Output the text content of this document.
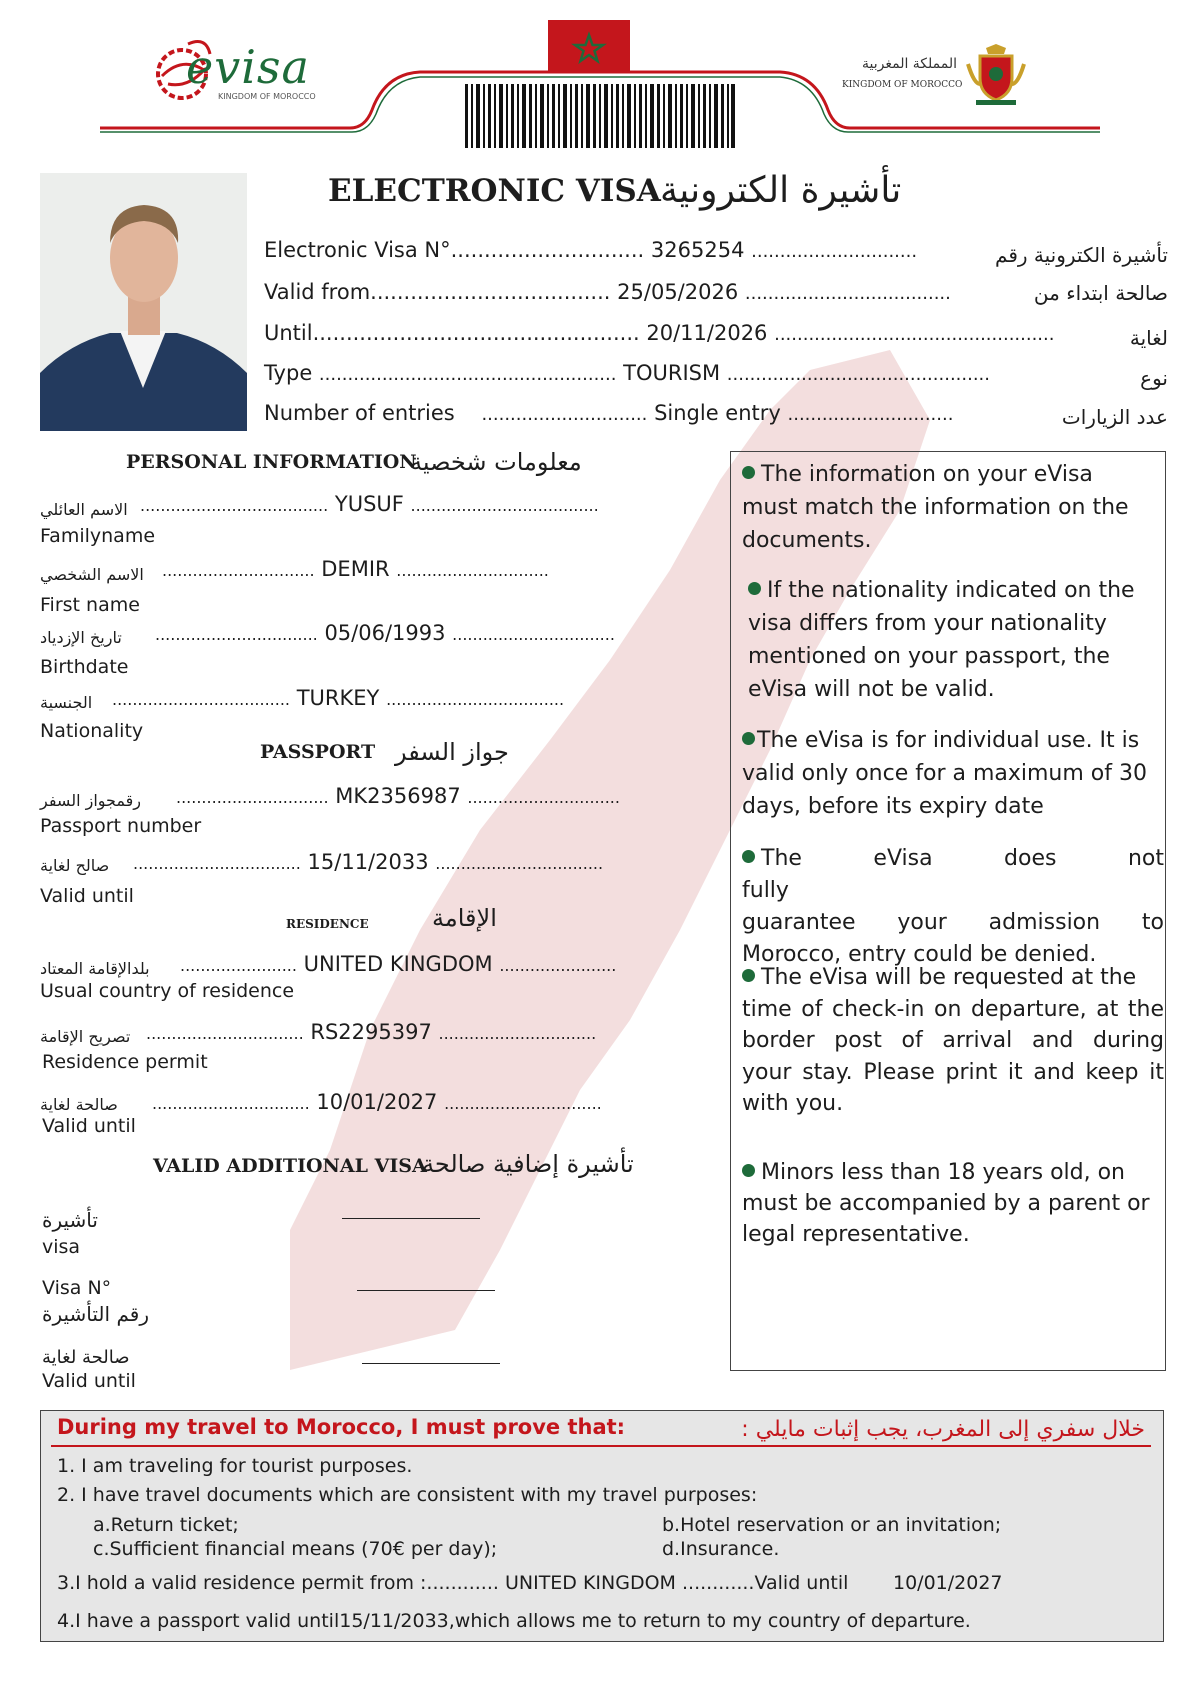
evisa
KINGDOM OF MOROCCO
المملكة المغربية
KINGDOM OF MOROCCO
ELECTRONIC VISA تأشيرة الكترونية
Electronic Visa N°............................. 3265254 .............................	تأشيرة الكترونية رقم
Valid from.................................... 25/05/2026 ....................................	صالحة ابتداء من
Until................................................. 20/11/2026 .................................................	لغاية
Type .................................................... TOURISM ..............................................	نوع
Number of entries ............................. Single entry .............................	عدد الزيارات
PERSONAL INFORMATION
معلومات شخصية
الاسم العائلي ..................................... YUSUF .....................................
Familyname
الاسم الشخصي .............................. DEMIR ..............................
First name
تاريخ الإزدياد ................................ 05/06/1993 ................................
Birthdate
الجنسية ................................... TURKEY ...................................
Nationality
PASSPORT جواز السفر
رقمجواز السفر .............................. MK2356987 ..............................
Passport number
صالح لغاية ................................. 15/11/2033 .................................
Valid until
RESIDENCE	الإقامة
بلدالإقامة المعتاد ....................... UNITED KINGDOM .......................
Usual country of residence
تصريح الإقامة ............................... RS2295397 ...............................
Residence permit
صالحة لغاية ............................... 10/01/2027 ...............................
Valid until
VALID ADDITIONAL VISA
تأشيرة إضافية صالحة
تأشيرة
visa
Visa N°
رقم التأشيرة
صالحة لغاية
Valid until
The information on your eVisa
must match the information on the
documents.
If the nationality indicated on the
visa differs from your nationality
mentioned on your passport, the
eVisa will not be valid.
The eVisa is for individual use. It is
valid only once for a maximum of 30
days, before its expiry date
The eVisa does not fully
guarantee your admission to
Morocco, entry could be denied.
The eVisa will be requested at the
time of check-in on departure, at the
border post of arrival and during
your stay. Please print it and keep it
with you.
Minors less than 18 years old, on
must be accompanied by a parent or
legal representative.
During my travel to Morocco, I must prove that:	خلال سفري إلى المغرب، يجب إثبات مايلي :
1. I am traveling for tourist purposes.
2. I have travel documents which are consistent with my travel purposes:
a.Return ticket;	b.Hotel reservation or an invitation;
c.Sufficient financial means (70€ per day);	d.Insurance.
3.I hold a valid residence permit from :............ UNITED KINGDOM ............Valid until 10/01/2027
4.I have a passport valid until15/11/2033,which allows me to return to my country of departure.
